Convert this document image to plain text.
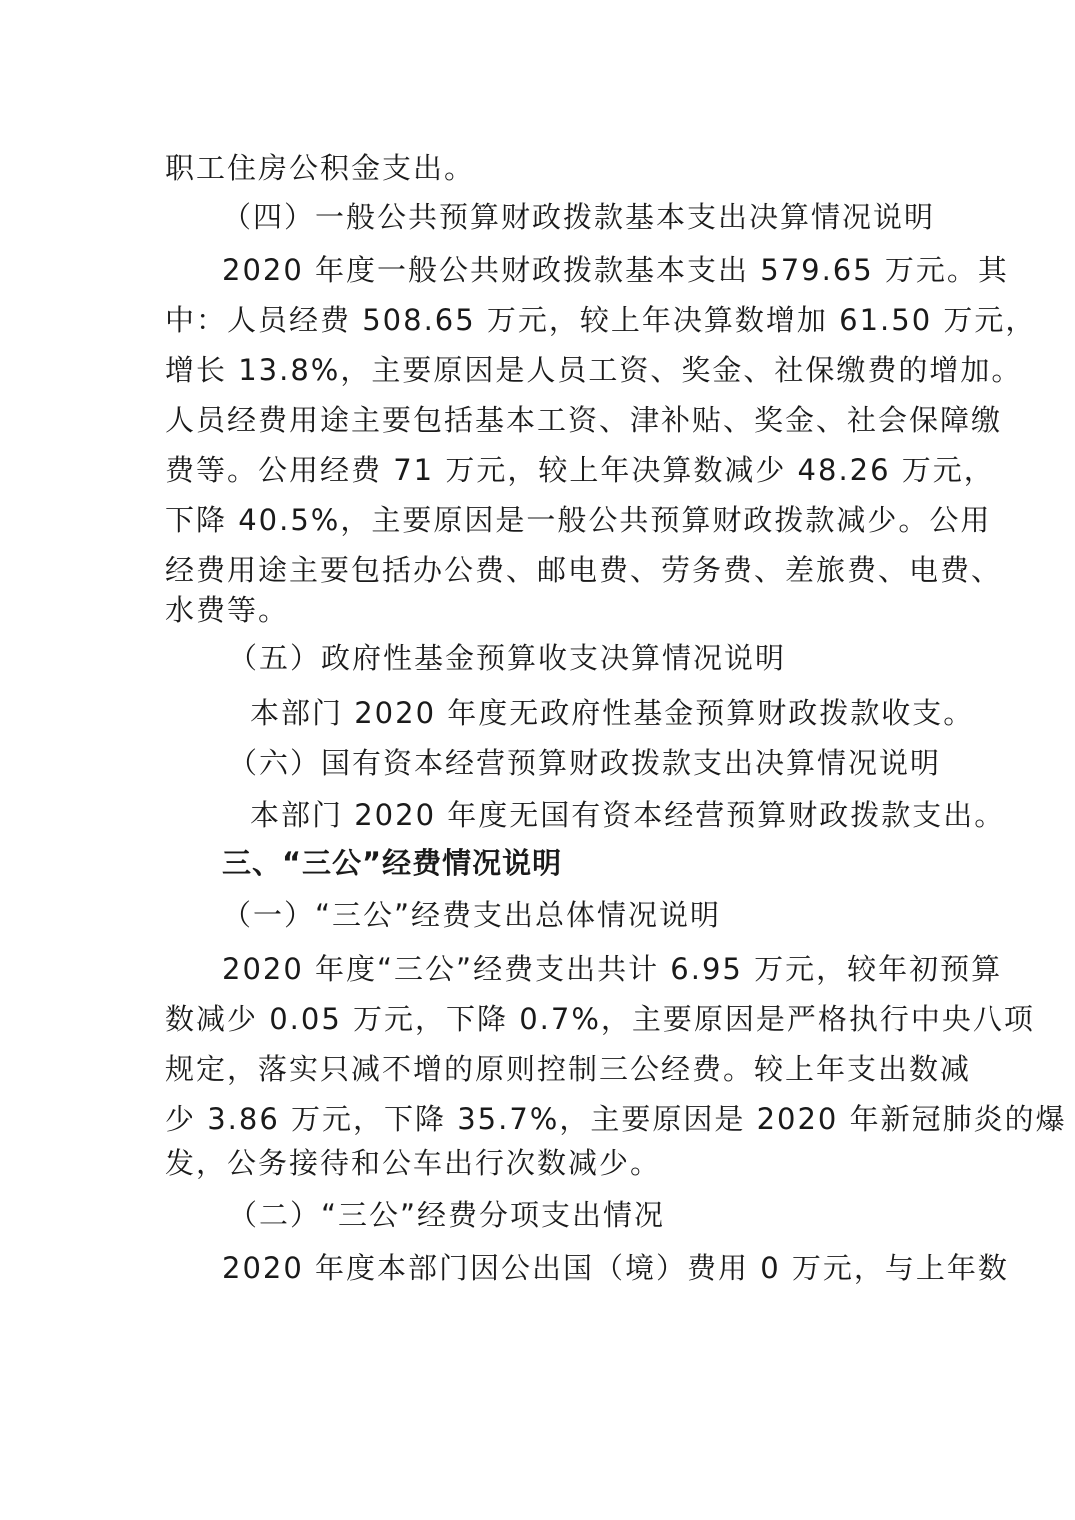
职工住房公积金支出。
（四）一般公共预算财政拨款基本支出决算情况说明
2020 年度一般公共财政拨款基本支出 579.65 万元。其
中：人员经费 508.65 万元，较上年决算数增加 61.50 万元，
增长 13.8%，主要原因是人员工资、奖金、社保缴费的增加。
人员经费用途主要包括基本工资、津补贴、奖金、社会保障缴
费等。公用经费 71 万元，较上年决算数减少 48.26 万元，
下降 40.5%，主要原因是一般公共预算财政拨款减少。公用
经费用途主要包括办公费、邮电费、劳务费、差旅费、电费、
水费等。
（五）政府性基金预算收支决算情况说明
本部门 2020 年度无政府性基金预算财政拨款收支。
（六）国有资本经营预算财政拨款支出决算情况说明
本部门 2020 年度无国有资本经营预算财政拨款支出。
三、“三公”经费情况说明
（一）“三公”经费支出总体情况说明
2020 年度“三公”经费支出共计 6.95 万元，较年初预算
数减少 0.05 万元，下降 0.7%，主要原因是严格执行中央八项
规定，落实只减不增的原则控制三公经费。较上年支出数减
少 3.86 万元，下降 35.7%，主要原因是 2020 年新冠肺炎的爆
发，公务接待和公车出行次数减少。
（二）“三公”经费分项支出情况
2020 年度本部门因公出国（境）费用 0 万元，与上年数
